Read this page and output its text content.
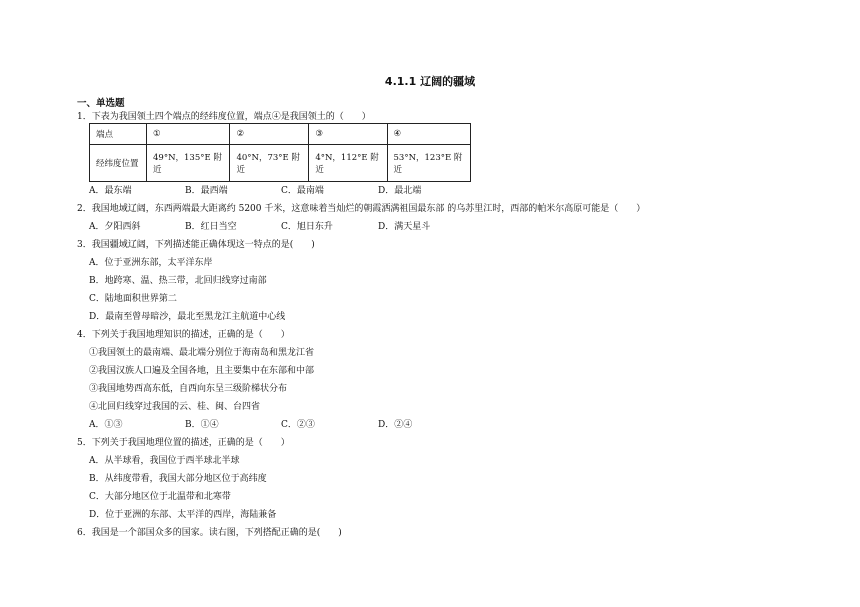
4.1.1 辽阔的疆域
一、单选题
1．下表为我国领土四个端点的经纬度位置，端点④是我国领土的（　　）
端点	①	②	③	④
经纬度位置	49°N，135°E 附近	40°N，73°E 附近	4°N，112°E 附近	53°N，123°E 附近
A．最东端	B．最西端	C．最南端	D．最北端
2．我国地域辽阔，东西两端最大距离约 5200 千米，这意味着当灿烂的朝霞洒满祖国最东部 的乌苏里江时，西部的帕米尔高原可能是（　　）
A．夕阳西斜	B．红日当空	C．旭日东升	D．满天星斗
3．我国疆域辽阔，下列描述能正确体现这一特点的是(　　)
A．位于亚洲东部，太平洋东岸
B．地跨寒、温、热三带，北回归线穿过南部
C．陆地面积世界第二
D．最南至曾母暗沙，最北至黑龙江主航道中心线
4．下列关于我国地理知识的描述，正确的是（　　）
①我国领土的最南端、最北端分别位于海南岛和黑龙江省
②我国汉族人口遍及全国各地，且主要集中在东部和中部
③我国地势西高东低，自西向东呈三级阶梯状分布
④北回归线穿过我国的云、桂、闽、台四省
A．①③	B．①④	C．②③	D．②④
5．下列关于我国地理位置的描述，正确的是（　　）
A．从半球看，我国位于西半球北半球
B．从纬度带看，我国大部分地区位于高纬度
C．大部分地区位于北温带和北寒带
D．位于亚洲的东部、太平洋的西岸，海陆兼备
6．我国是一个部国众多的国家。读右图，下列搭配正确的是(　　)
